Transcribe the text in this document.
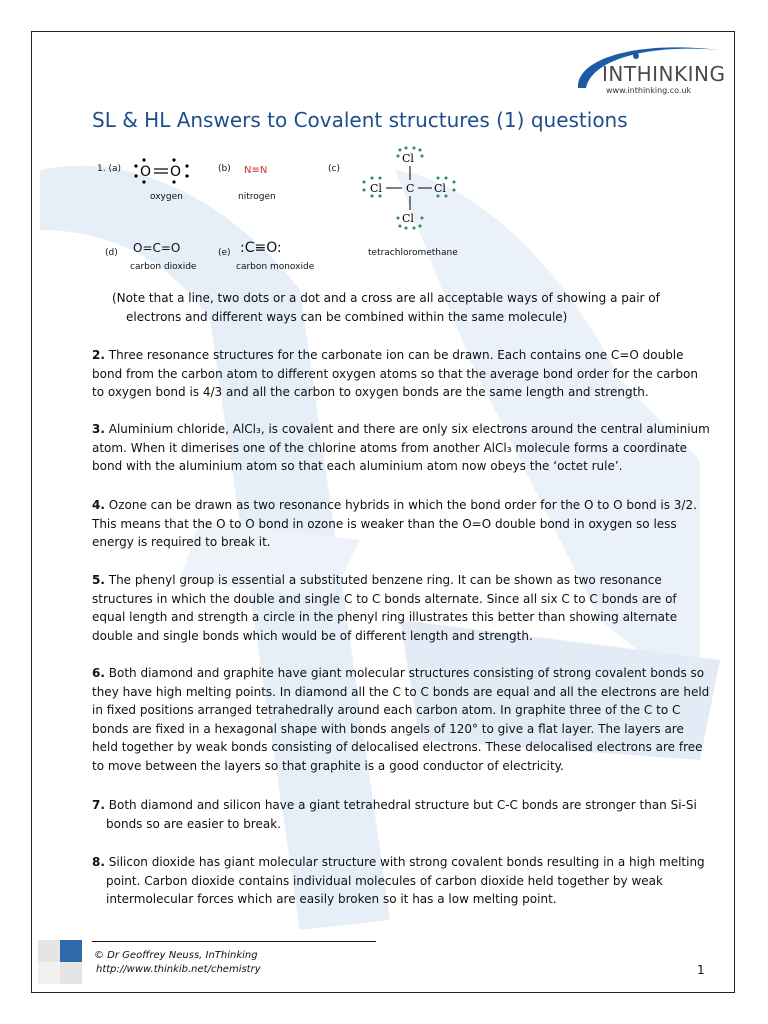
INTHINKING
www.inthinking.co.uk
SL & HL Answers to Covalent structures (1) questions
1. (a) O O
oxygen
(b) N≡N
nitrogen
(c)
Cl
Cl C Cl
Cl
tetrachloromethane
(d) O=C=O
carbon dioxide
(e) :C≡O:
carbon monoxide

(Note that a line, two dots or a dot and a cross are all acceptable ways of showing a pair of electrons and different ways can be combined within the same molecule)

2. Three resonance structures for the carbonate ion can be drawn. Each contains one C=O double bond from the carbon atom to different oxygen atoms so that the average bond order for the carbon to oxygen bond is 4/3 and all the carbon to oxygen bonds are the same length and strength.

3. Aluminium chloride, AlCl₃, is covalent and there are only six electrons around the central aluminium atom. When it dimerises one of the chlorine atoms from another AlCl₃ molecule forms a coordinate bond with the aluminium atom so that each aluminium atom now obeys the ‘octet rule’.

4. Ozone can be drawn as two resonance hybrids in which the bond order for the O to O bond is 3/2. This means that the O to O bond in ozone is weaker than the O=O double bond in oxygen so less energy is required to break it.

5. The phenyl group is essential a substituted benzene ring. It can be shown as two resonance structures in which the double and single C to C bonds alternate. Since all six C to C bonds are of equal length and strength a circle in the phenyl ring illustrates this better than showing alternate double and single bonds which would be of different length and strength.

6. Both diamond and graphite have giant molecular structures consisting of strong covalent bonds so they have high melting points. In diamond all the C to C bonds are equal and all the electrons are held in fixed positions arranged tetrahedrally around each carbon atom. In graphite three of the C to C bonds are fixed in a hexagonal shape with bonds angels of 120° to give a flat layer. The layers are held together by weak bonds consisting of delocalised electrons. These delocalised electrons are free to move between the layers so that graphite is a good conductor of electricity.

7. Both diamond and silicon have a giant tetrahedral structure but C-C bonds are stronger than Si-Si bonds so are easier to break.

8. Silicon dioxide has giant molecular structure with strong covalent bonds resulting in a high melting point. Carbon dioxide contains individual molecules of carbon dioxide held together by weak intermolecular forces which are easily broken so it has a low melting point.

© Dr Geoffrey Neuss, InThinking
http://www.thinkib.net/chemistry	1
